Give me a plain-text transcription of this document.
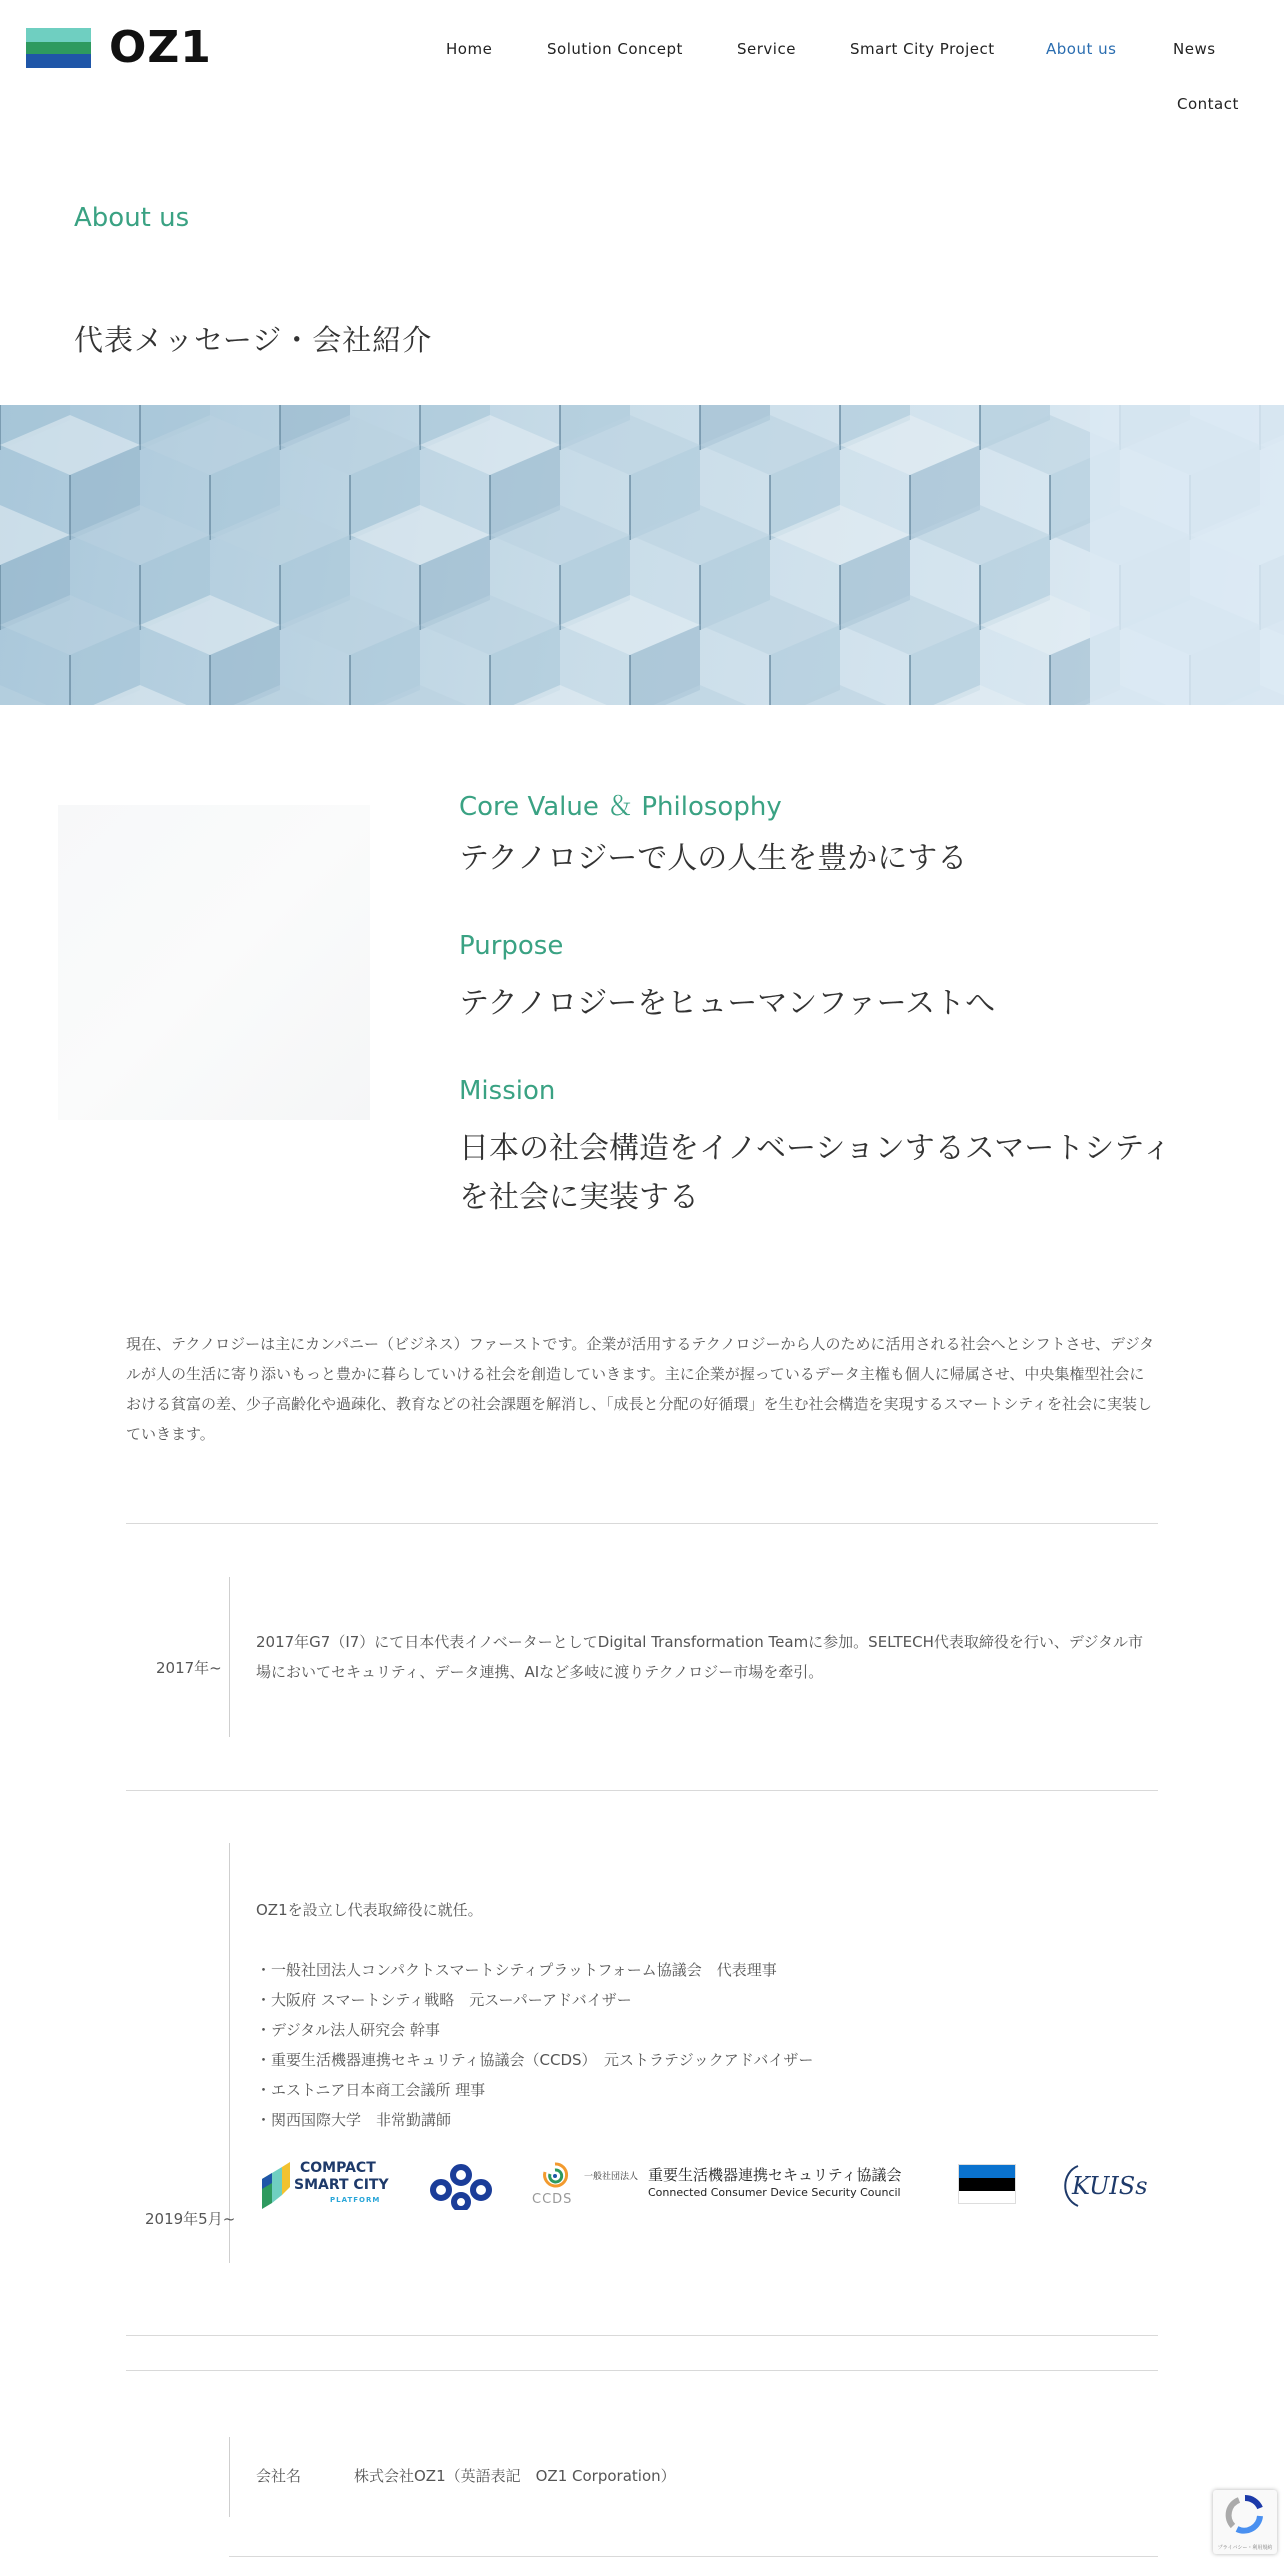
OZ1	Home	Solution Concept	Service	Smart City Project	About us	News
Contact
About us
代表メッセージ・会社紹介
Core Value ＆ Philosophy

テクノロジーで人の人生を豊かにする

Purpose

テクノロジーをヒューマンファーストへ

Mission

日本の社会構造をイノベーションするスマートシティを社会に実装する

現在、テクノロジーは主にカンパニー（ビジネス）ファーストです。企業が活用するテクノロジーから人のために活用される社会へとシフトさせ、デジタルが人の生活に寄り添いもっと豊かに暮らしていける社会を創造していきます。主に企業が握っているデータ主権も個人に帰属させ、中央集権型社会における貧富の差、少子高齢化や過疎化、教育などの社会課題を解消し、「成長と分配の好循環」を生む社会構造を実現するスマートシティを社会に実装していきます。

2017年~

2017年G7（I7）にて日本代表イノベーターとしてDigital Transformation Teamに参加。SELTECH代表取締役を行い、デジタル市場においてセキュリティ、データ連携、AIなど多岐に渡りテクノロジー市場を牽引。

2019年5月~

OZ1を設立し代表取締役に就任。

・一般社団法人コンパクトスマートシティプラットフォーム協議会　代表理事
・大阪府 スマートシティ戦略　元スーパーアドバイザー
・デジタル法人研究会 幹事
・重要生活機器連携セキュリティ協議会（CCDS）　元ストラテジックアドバイザー
・エストニア日本商工会議所 理事
・関西国際大学　非常勤講師
COMPACT
SMART CITY
PLATFORM	CCDS
一般社団法人 重要生活機器連携セキュリティ協議会
Connected Consumer Device Security Council	KUISs
会社名	株式会社OZ1（英語表記　OZ1 Corporation）
プライバシー・利用規約
